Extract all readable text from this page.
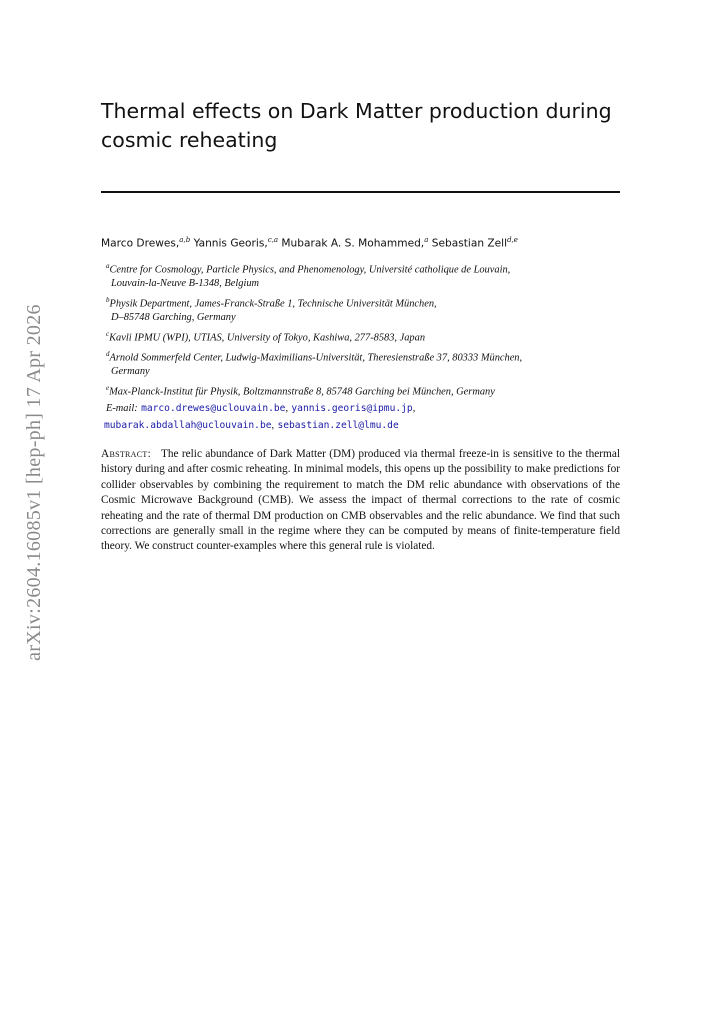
arXiv:2604.16085v1 [hep-ph] 17 Apr 2026
Thermal effects on Dark Matter production during cosmic reheating
Marco Drewes,$^{a,b}$ Yannis Georis,$^{c,a}$ Mubarak A. S. Mohammed,$^a$ Sebastian Zell$^{d,e}$

$^a$Centre for Cosmology, Particle Physics, and Phenomenology, Université catholique de Louvain,
Louvain-la-Neuve B-1348, Belgium

$^b$Physik Department, James-Franck-Straße 1, Technische Universität München,
D–85748 Garching, Germany

$^c$Kavli IPMU (WPI), UTIAS, University of Tokyo, Kashiwa, 277-8583, Japan

$^d$Arnold Sommerfeld Center, Ludwig-Maximilians-Universität, Theresienstraße 37, 80333 München,
Germany

$^e$Max-Planck-Institut für Physik, Boltzmannstraße 8, 85748 Garching bei München, Germany

E-mail: marco.drewes@uclouvain.be, yannis.georis@ipmu.jp,
mubarak.abdallah@uclouvain.be, sebastian.zell@lmu.de

Abstract: The relic abundance of Dark Matter (DM) produced via thermal freeze-in is sensitive to the thermal history during and after cosmic reheating. In minimal models, this opens up the possibility to make predictions for collider observables by combining the requirement to match the DM relic abundance with observations of the Cosmic Microwave Background (CMB). We assess the impact of thermal corrections to the rate of cosmic reheating and the rate of thermal DM production on CMB observables and the relic abundance. We find that such corrections are generally small in the regime where they can be computed by means of finite-temperature field theory. We construct counter-examples where this general rule is violated.
